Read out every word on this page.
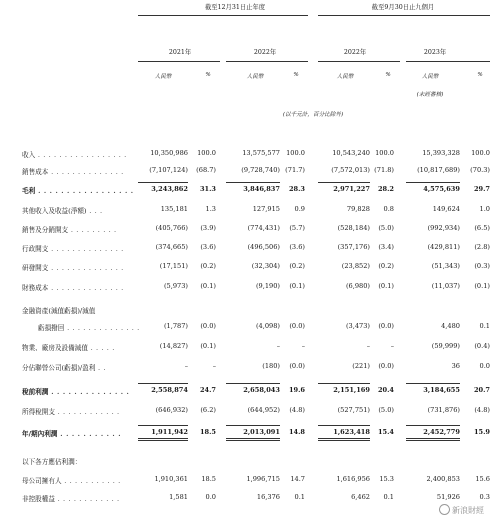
截至12月31日止年度	截至9月30日止九個月
2021年	2022年	2022年	2023年
人民幣	%	人民幣	%	人民幣	%	人民幣	%
(未經審核)
(以千元計，百分比除外)
收入 . . . . . . . . . . . . . . . . .	10,350,986 100.0	13,575,577 100.0	10,543,240 100.0	15,393,328 100.0
銷售成本 . . . . . . . . . . . . . .	(7,107,124) (68.7)	(9,728,740) (71.7)	(7,572,013) (71.8)	(10,817,689) (70.3)
毛利 . . . . . . . . . . . . . . . . .	3,243,862 31.3	3,846,837 28.3	2,971,227 28.2	4,575,639 29.7
其他收入及收益(淨額) . . .	135,181	1.3	127,915 0.9	79,828 0.8	149,624	1.0
銷售及分銷開支 . . . . . . . . .	(405,766) (3.9)	(774,431) (5.7)	(528,184) (5.0)	(992,934) (6.5)
行政開支 . . . . . . . . . . . . . .	(374,665) (3.6)	(496,506) (3.6)	(357,176) (3.4)	(429,811) (2.8)
研發開支 . . . . . . . . . . . . . .	(17,151) (0.2)	(32,304) (0.2)	(23,852) (0.2)	(51,343) (0.3)
財務成本 . . . . . . . . . . . . . .	(5,973) (0.1)	(9,190) (0.1)	(6,980) (0.1)	(11,037) (0.1)
金融資產(減值虧損)/減值
虧損撥回 . . . . . . . . . . . . . .	(1,787) (0.0)	(4,098) (0.0)	(3,473) (0.0)	4,480	0.1
物業、廠房及設備減值 . . . . .	(14,827) (0.1)	–	–	–	–	(59,999) (0.4)
分佔聯營公司(虧損)/盈利 . .	–	–	(180) (0.0)	(221) (0.0)	36	0.0
稅前利潤 . . . . . . . . . . . . . .	2,558,874 24.7	2,658,043 19.6	2,151,169 20.4	3,184,655 20.7
所得稅開支 . . . . . . . . . . . .	(646,932) (6.2)	(644,952) (4.8)	(527,751) (5.0)	(731,876) (4.8)
年/期內利潤 . . . . . . . . . . .	1,911,942 18.5	2,013,091 14.8	1,623,418 15.4	2,452,779 15.9
以下各方應佔利潤：
母公司擁有人 . . . . . . . . . . .	1,910,361 18.5	1,996,715 14.7	1,616,956 15.3	2,400,853 15.6
非控股權益 . . . . . . . . . . . .	1,581	0.0	16,376 0.1	6,462 0.1	51,926	0.3
新浪財經
